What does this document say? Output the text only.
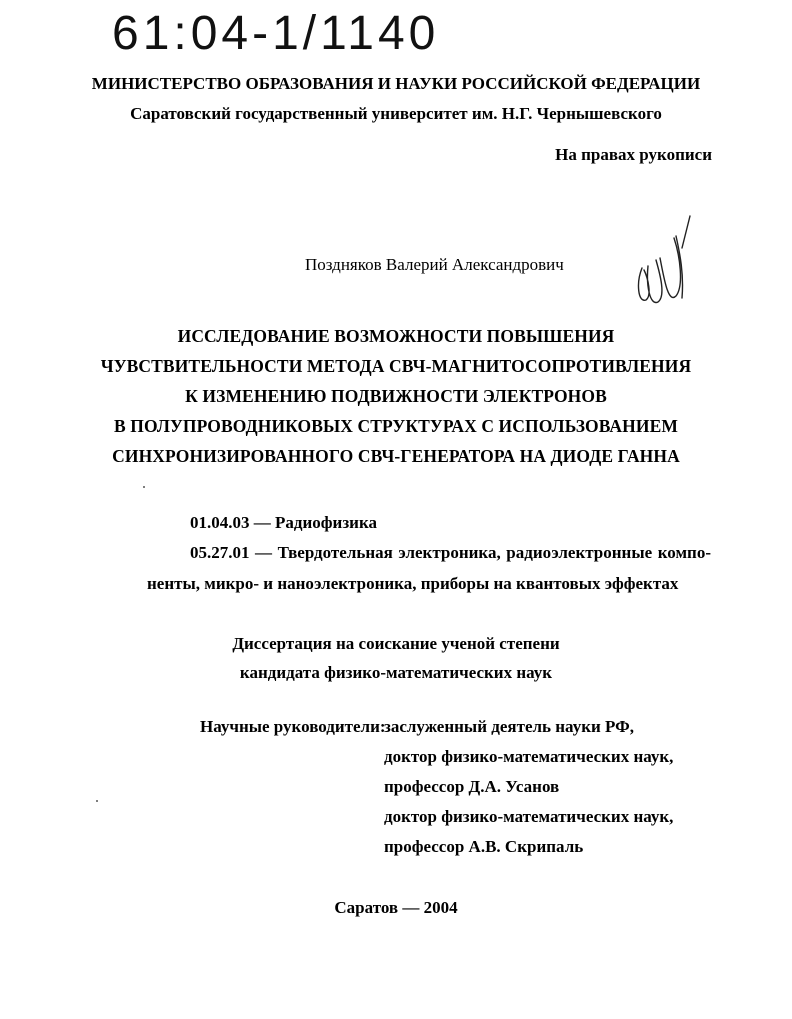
61:04-1/1140
МИНИСТЕРСТВО ОБРАЗОВАНИЯ И НАУКИ РОССИЙСКОЙ ФЕДЕРАЦИИ
Саратовский государственный университет им. Н.Г. Чернышевского
На правах рукописи
Поздняков Валерий Александрович
ИССЛЕДОВАНИЕ ВОЗМОЖНОСТИ ПОВЫШЕНИЯ
ЧУВСТВИТЕЛЬНОСТИ МЕТОДА СВЧ-МАГНИТОСОПРОТИВЛЕНИЯ
К ИЗМЕНЕНИЮ ПОДВИЖНОСТИ ЭЛЕКТРОНОВ
В ПОЛУПРОВОДНИКОВЫХ СТРУКТУРАХ С ИСПОЛЬЗОВАНИЕМ
СИНХРОНИЗИРОВАННОГО СВЧ-ГЕНЕРАТОРА НА ДИОДЕ ГАННА
01.04.03 — Радиофизика
05.27.01 — Твердотельная электроника, радиоэлектронные компо-
ненты, микро- и наноэлектроника, приборы на квантовых эффектах
Диссертация на соискание ученой степени
кандидата физико-математических наук
Научные руководители:
заслуженный деятель науки РФ,
доктор физико-математических наук,
профессор Д.А. Усанов
доктор физико-математических наук,
профессор А.В. Скрипаль
Саратов — 2004
